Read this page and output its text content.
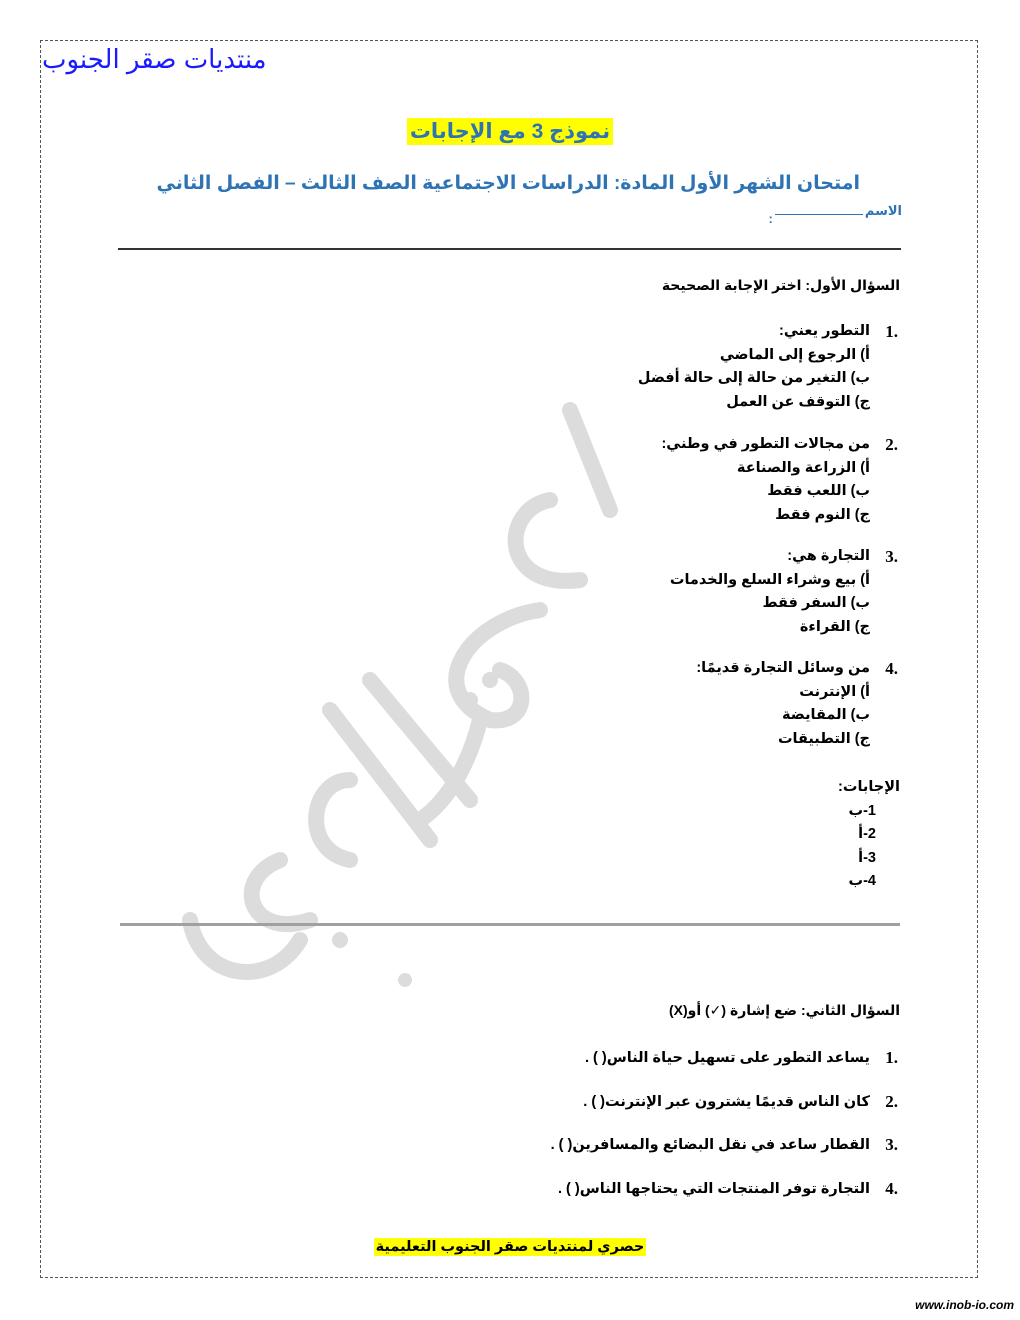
منتديات صقر الجنوب
نموذج 3 مع الإجابات
امتحان الشهر الأول المادة: الدراسات الاجتماعية الصف الثالث – الفصل الثاني
الاسم:
السؤال الأول: اختر الإجابة الصحيحة
1.
التطور يعني:
أ) الرجوع إلى الماضي
ب) التغير من حالة إلى حالة أفضل
ج) التوقف عن العمل
2.
من مجالات التطور في وطني:
أ) الزراعة والصناعة
ب) اللعب فقط
ج) النوم فقط
3.
التجارة هي:
أ) بيع وشراء السلع والخدمات
ب) السفر فقط
ج) القراءة
4.
من وسائل التجارة قديمًا:
أ) الإنترنت
ب) المقايضة
ج) التطبيقات
الإجابات:
1-ب
2-أ
3-أ
4-ب
السؤال الثاني: ضع إشارة (✓) أو(X)
1.
يساعد التطور على تسهيل حياة الناس( ) .
2.
كان الناس قديمًا يشترون عبر الإنترنت( ) .
3.
القطار ساعد في نقل البضائع والمسافرين( ) .
4.
التجارة توفر المنتجات التي يحتاجها الناس( ) .
حصري لمنتديات صقر الجنوب التعليمية
www.inob-io.com
